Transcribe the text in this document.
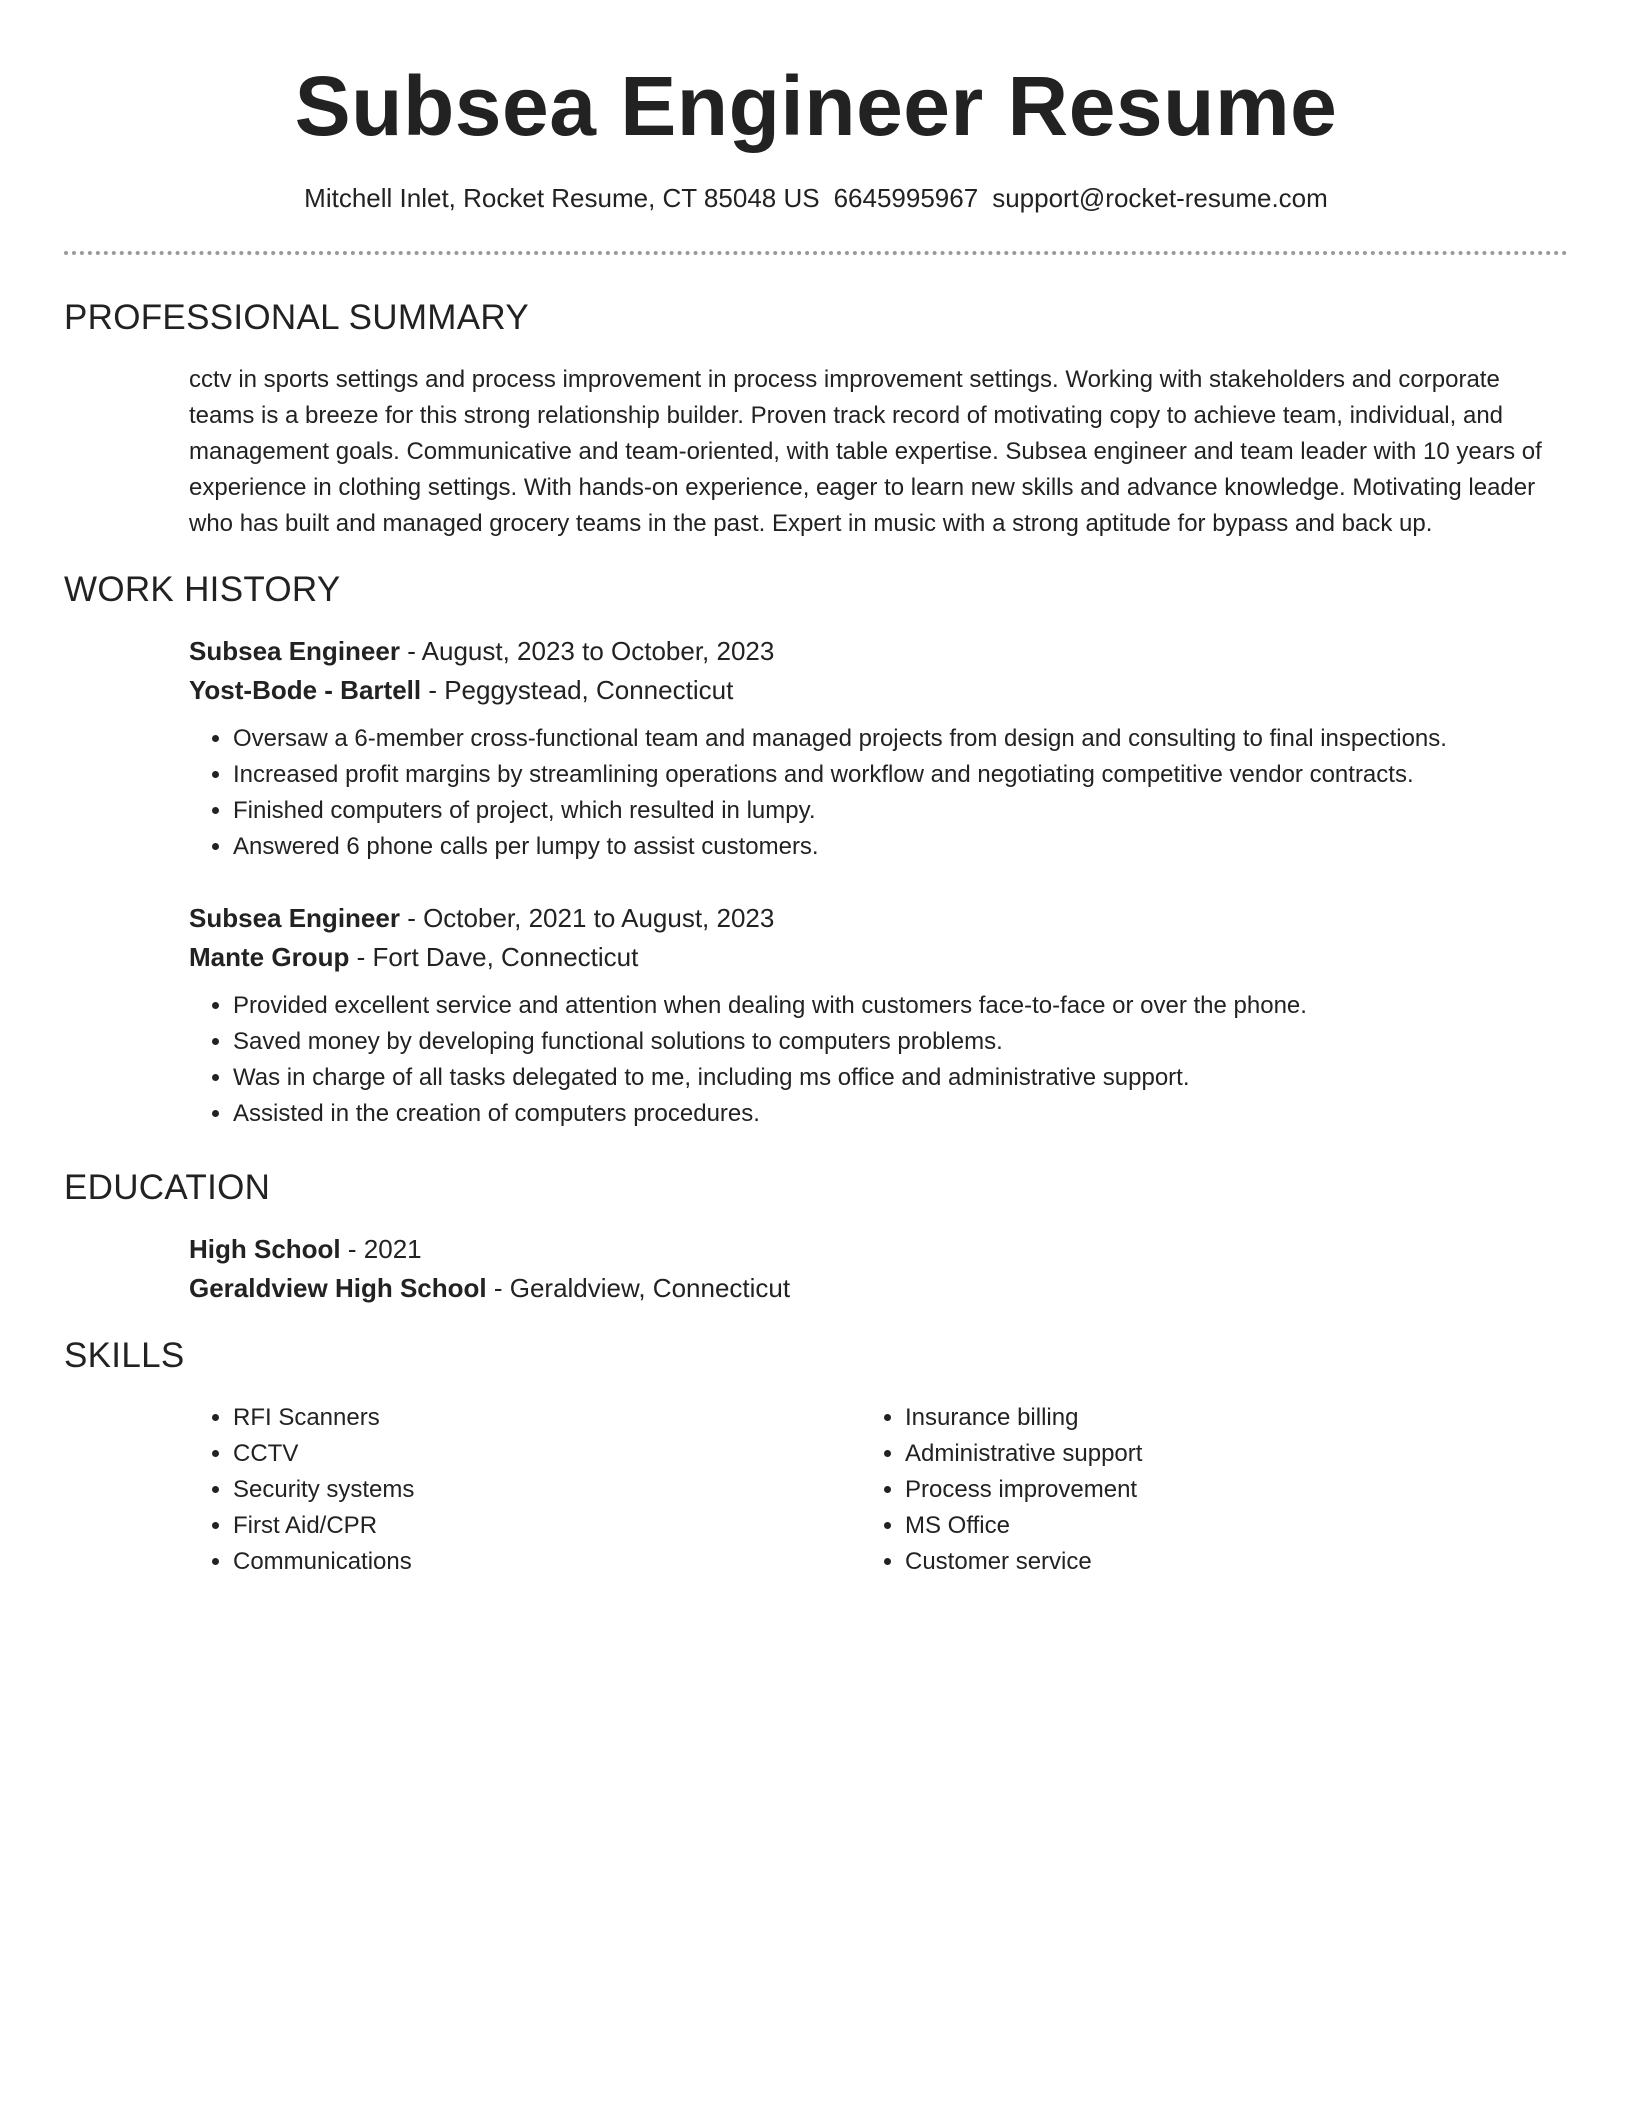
Subsea Engineer Resume
Mitchell Inlet, Rocket Resume, CT 85048 US 6645995967 support@rocket-resume.com
PROFESSIONAL SUMMARY

cctv in sports settings and process improvement in process improvement settings. Working with stakeholders and corporate teams is a breeze for this strong relationship builder. Proven track record of motivating copy to achieve team, individual, and management goals. Communicative and team-oriented, with table expertise. Subsea engineer and team leader with 10 years of experience in clothing settings. With hands-on experience, eager to learn new skills and advance knowledge. Motivating leader who has built and managed grocery teams in the past. Expert in music with a strong aptitude for bypass and back up.

WORK HISTORY

Subsea Engineer - August, 2023 to October, 2023

Yost-Bode - Bartell - Peggystead, Connecticut

• Oversaw a 6-member cross-functional team and managed projects from design and consulting to final inspections.
• Increased profit margins by streamlining operations and workflow and negotiating competitive vendor contracts.
• Finished computers of project, which resulted in lumpy.
• Answered 6 phone calls per lumpy to assist customers.

Subsea Engineer - October, 2021 to August, 2023

Mante Group - Fort Dave, Connecticut

• Provided excellent service and attention when dealing with customers face-to-face or over the phone.
• Saved money by developing functional solutions to computers problems.
• Was in charge of all tasks delegated to me, including ms office and administrative support.
• Assisted in the creation of computers procedures.
EDUCATION

High School - 2021

Geraldview High School - Geraldview, Connecticut

SKILLS
• RFI Scanners
• CCTV
• Security systems
• First Aid/CPR
• Communications
• Insurance billing
• Administrative support
• Process improvement
• MS Office
• Customer service
